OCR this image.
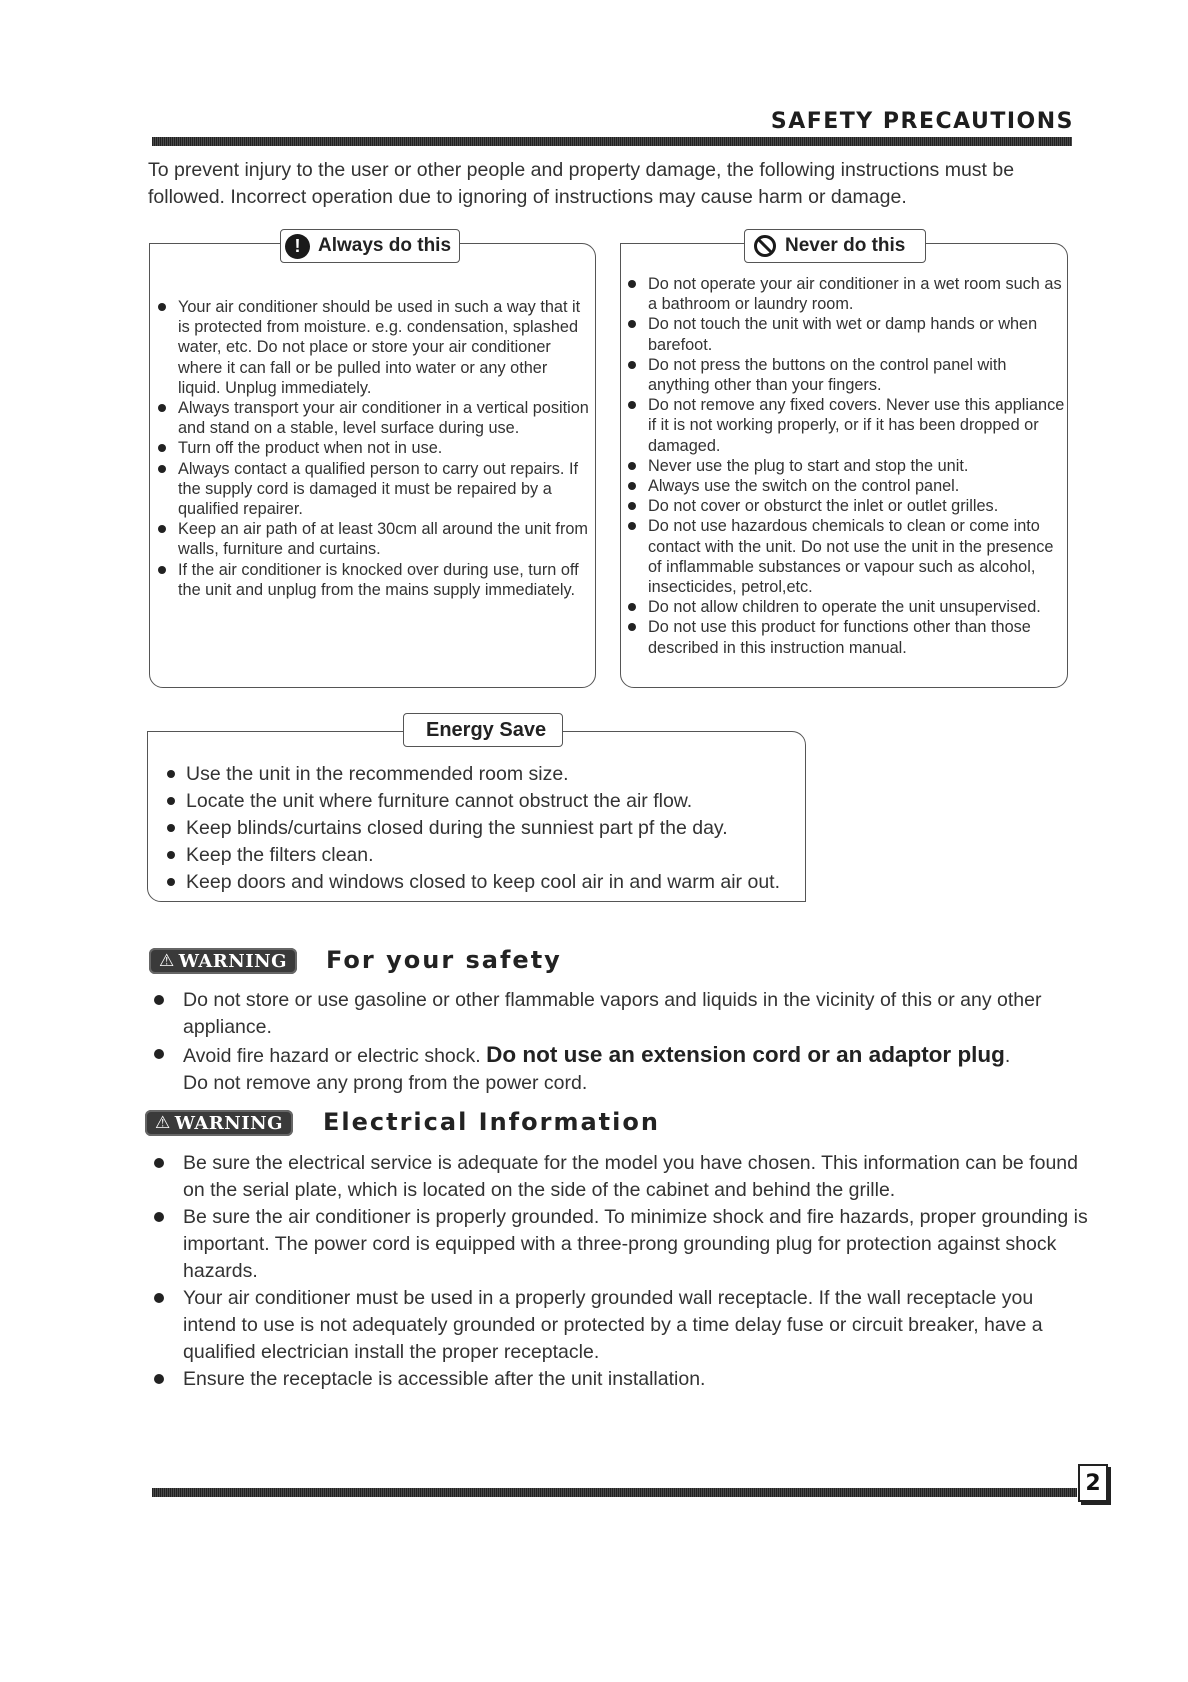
SAFETY PRECAUTIONS
To prevent injury to the user or other people and property damage, the following instructions must be followed. Incorrect operation due to ignoring of instructions may cause harm or damage.
! Always do this
Your air conditioner should be used in such a way that it is protected from moisture. e.g. condensation, splashed water, etc. Do not place or store your air conditioner where it can fall or be pulled into water or any other liquid. Unplug immediately.
Always transport your air conditioner in a vertical position and stand on a stable, level surface during use.
Turn off the product when not in use.
Always contact a qualified person to carry out repairs. If the supply cord is damaged it must be repaired by a qualified repairer.
Keep an air path of at least 30cm all around the unit from walls, furniture and curtains.
If the air conditioner is knocked over during use, turn off the unit and unplug from the mains supply immediately.
Never do this
Do not operate your air conditioner in a wet room such as a bathroom or laundry room.
Do not touch the unit with wet or damp hands or when barefoot.
Do not press the buttons on the control panel with anything other than your fingers.
Do not remove any fixed covers. Never use this appliance if it is not working properly, or if it has been dropped or damaged.
Never use the plug to start and stop the unit.
Always use the switch on the control panel.
Do not cover or obsturct the inlet or outlet grilles.
Do not use hazardous chemicals to clean or come into contact with the unit. Do not use the unit in the presence of inflammable substances or vapour such as alcohol, insecticides, petrol,etc.
Do not allow children to operate the unit unsupervised.
Do not use this product for functions other than those described in this instruction manual.
Energy Save
Use the unit in the recommended room size.
Locate the unit where furniture cannot obstruct the air flow.
Keep blinds/curtains closed during the sunniest part pf the day.
Keep the filters clean.
Keep doors and windows closed to keep cool air in and warm air out.
⚠ WARNING For your safety
Do not store or use gasoline or other flammable vapors and liquids in the vicinity of this or any other appliance.
Avoid fire hazard or electric shock. Do not use an extension cord or an adaptor plug.
Do not remove any prong from the power cord.
⚠ WARNING Electrical Information
Be sure the electrical service is adequate for the model you have chosen. This information can be found on the serial plate, which is located on the side of the cabinet and behind the grille.
Be sure the air conditioner is properly grounded. To minimize shock and fire hazards, proper grounding is important. The power cord is equipped with a three-prong grounding plug for protection against shock hazards.
Your air conditioner must be used in a properly grounded wall receptacle. If the wall receptacle you intend to use is not adequately grounded or protected by a time delay fuse or circuit breaker, have a qualified electrician install the proper receptacle.
Ensure the receptacle is accessible after the unit installation.
2
